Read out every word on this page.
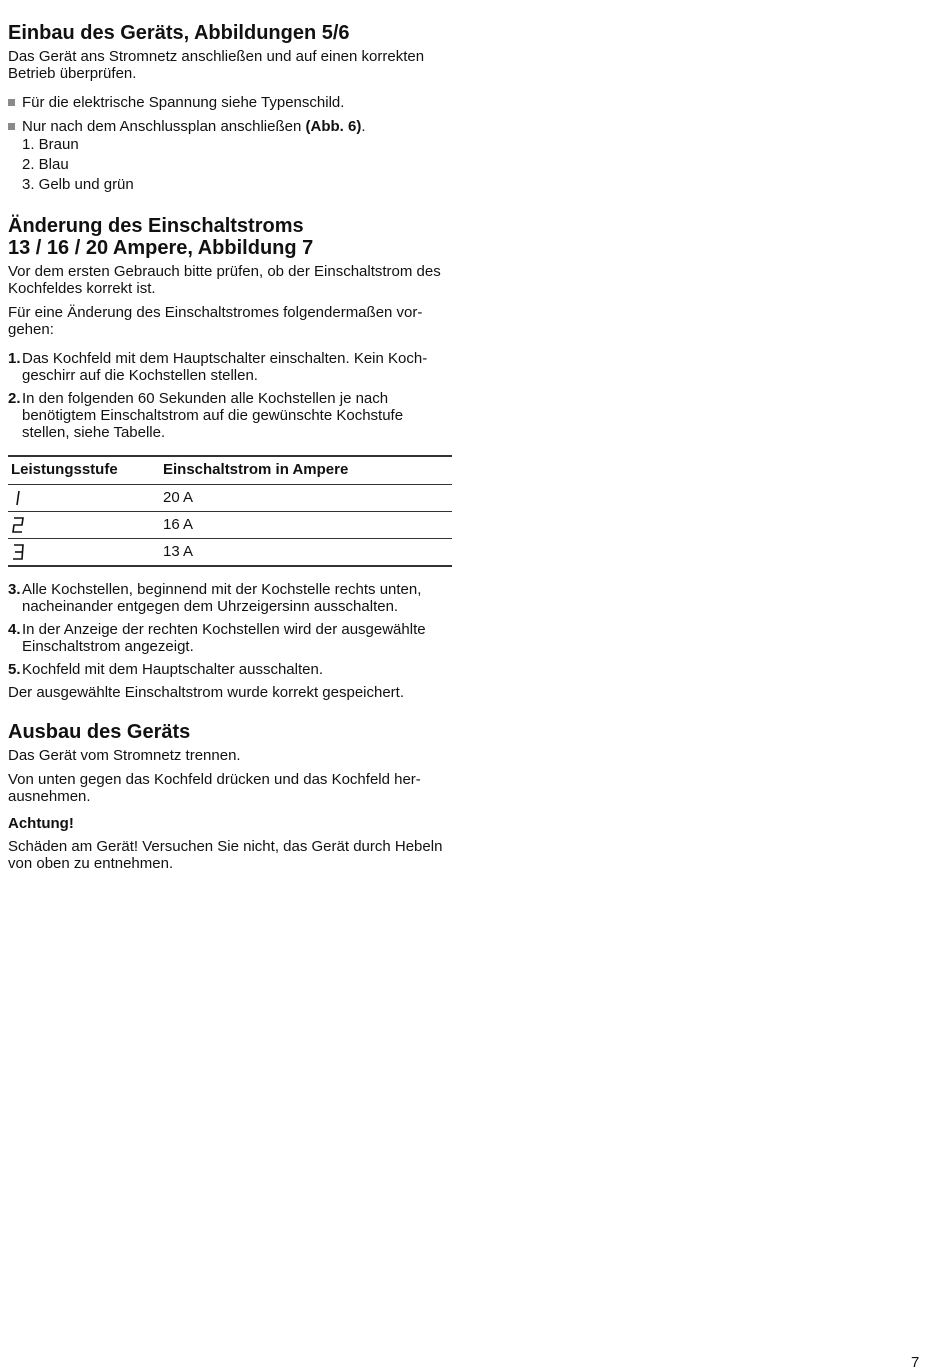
Einbau des Geräts, Abbildungen 5/6

Das Gerät ans Stromnetz anschließen und auf einen korrekten Betrieb überprüfen.

Für die elektrische Spannung siehe Typenschild.
Nur nach dem Anschlussplan anschließen (Abb. 6).
1. Braun
2. Blau
3. Gelb und grün
Änderung des Einschaltstroms
13 / 16 / 20 Ampere, Abbildung 7

Vor dem ersten Gebrauch bitte prüfen, ob der Einschaltstrom des Kochfeldes korrekt ist.

Für eine Änderung des Einschaltstromes folgendermaßen vor-gehen:

1. Das Kochfeld mit dem Hauptschalter einschalten. Kein Koch-geschirr auf die Kochstellen stellen.
2. In den folgenden 60 Sekunden alle Kochstellen je nach benötigtem Einschaltstrom auf die gewünschte Kochstufe stellen, siehe Tabelle.
Leistungsstufe	Einschaltstrom in Ampere
	20 A
	16 A
	13 A
3. Alle Kochstellen, beginnend mit der Kochstelle rechts unten, nacheinander entgegen dem Uhrzeigersinn ausschalten.
4. In der Anzeige der rechten Kochstellen wird der ausgewählte Einschaltstrom angezeigt.
5. Kochfeld mit dem Hauptschalter ausschalten.

Der ausgewählte Einschaltstrom wurde korrekt gespeichert.

Ausbau des Geräts

Das Gerät vom Stromnetz trennen.

Von unten gegen das Kochfeld drücken und das Kochfeld her-ausnehmen.

Achtung!

Schäden am Gerät! Versuchen Sie nicht, das Gerät durch Hebeln von oben zu entnehmen.

7
